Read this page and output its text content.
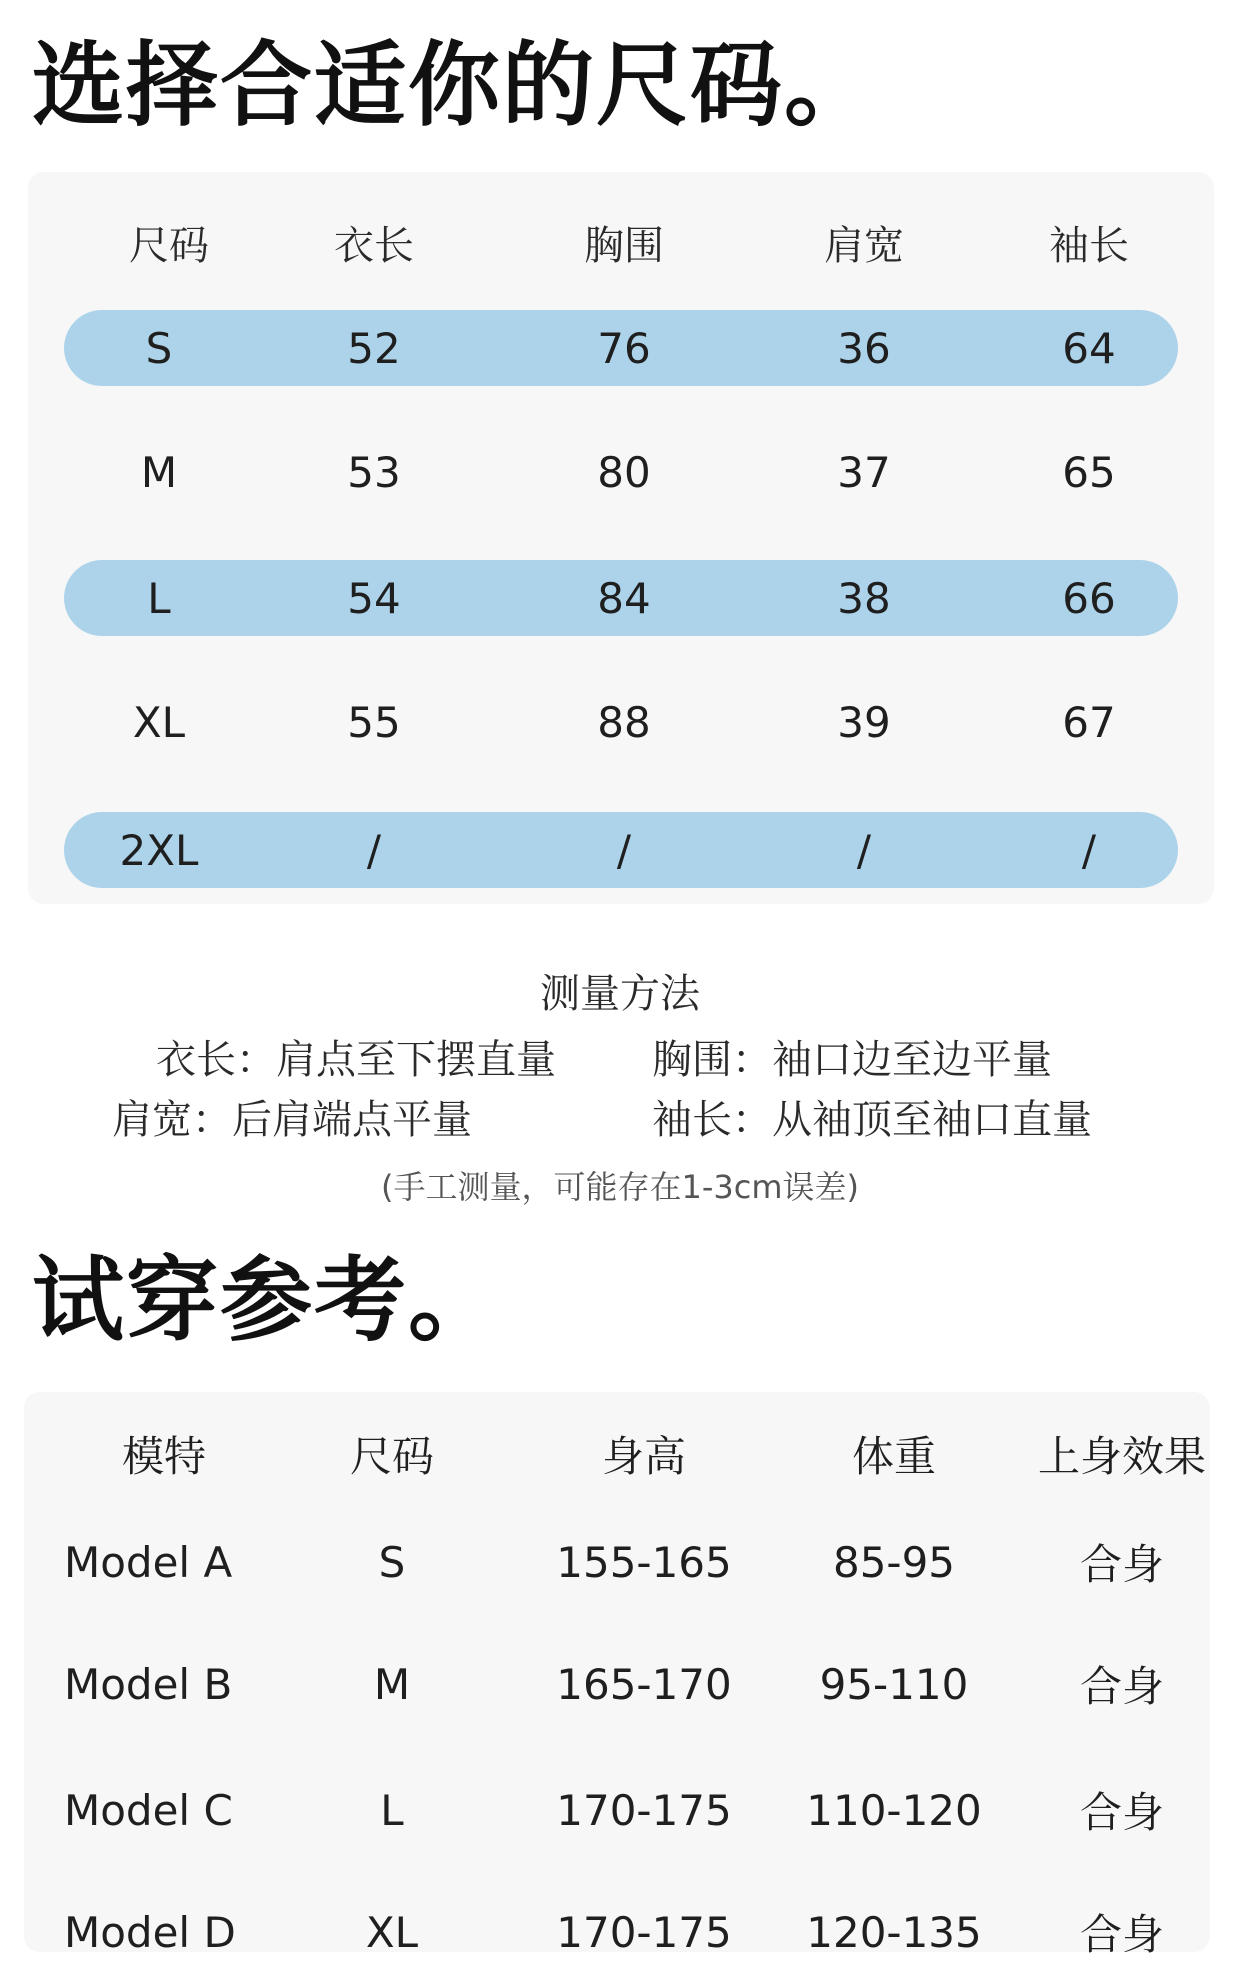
选择合适你的尺码。
尺码	衣长	胸围	肩宽	袖长
S	52	76	36	64
M	53	80	37	65
L	54	84	38	66
XL	55	88	39	67
2XL	/	/	/	/
测量方法
衣长：肩点至下摆直量 胸围：袖口边至边平量
肩宽：后肩端点平量	袖长：从袖顶至袖口直量
(手工测量，可能存在1-3cm误差)
试穿参考。
模特	尺码	身高	体重	上身效果
Model A	S	155-165	85-95	合身
Model B	M	165-170	95-110	合身
Model C	L	170-175	110-120	合身
Model D	XL	170-175	120-135	合身
